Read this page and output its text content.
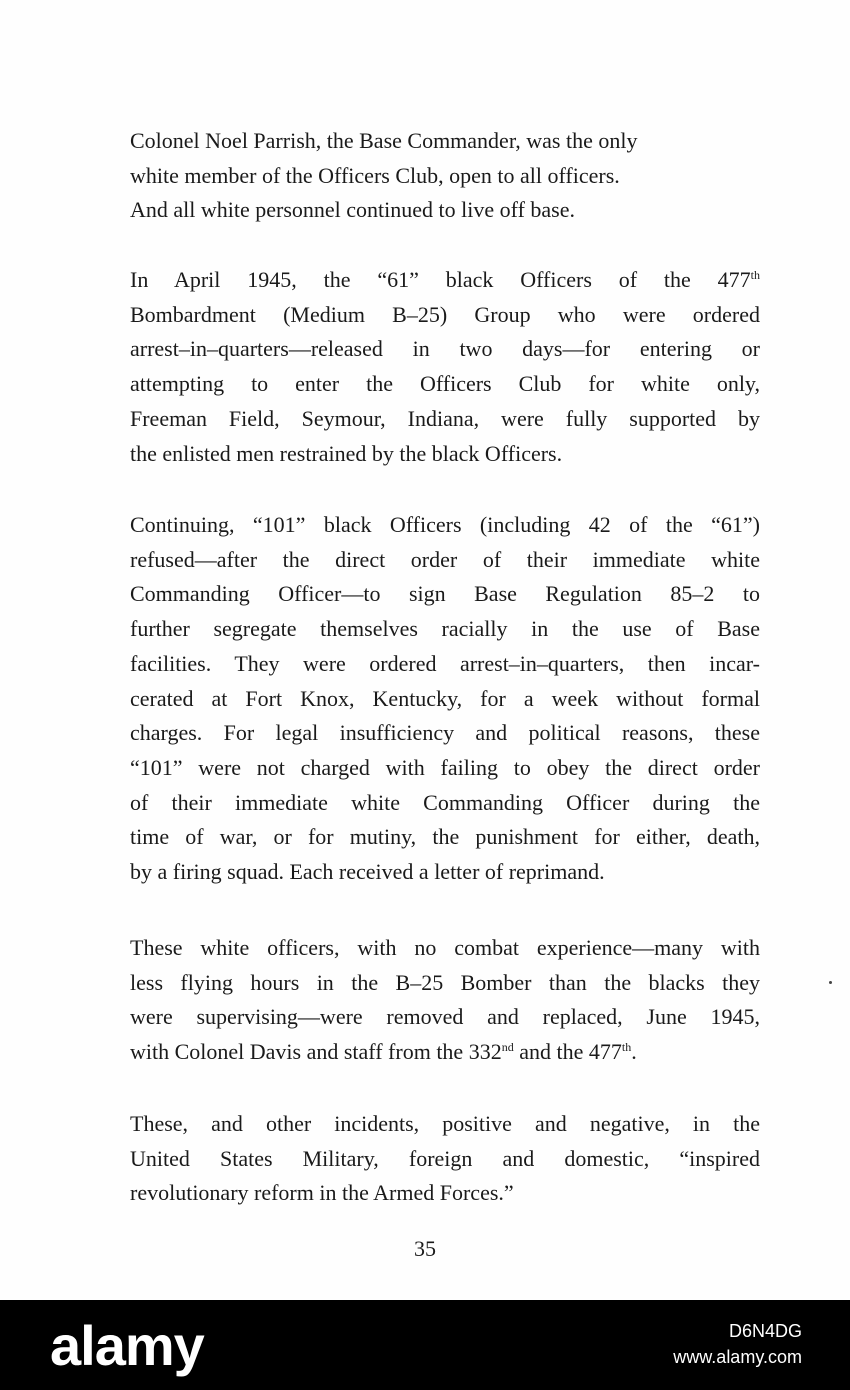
Colonel Noel Parrish, the Base Commander, was the only
white member of the Officers Club, open to all officers.
And all white personnel continued to live off base.
In April 1945, the “61” black Officers of the 477th
Bombardment (Medium B–25) Group who were ordered
arrest–in–quarters—released in two days—for entering or
attempting to enter the Officers Club for white only,
Freeman Field, Seymour, Indiana, were fully supported by
the enlisted men restrained by the black Officers.
Continuing, “101” black Officers (including 42 of the “61”)
refused—after the direct order of their immediate white
Commanding Officer—to sign Base Regulation 85–2 to
further segregate themselves racially in the use of Base
facilities. They were ordered arrest–in–quarters, then incar-
cerated at Fort Knox, Kentucky, for a week without formal
charges. For legal insufficiency and political reasons, these
“101” were not charged with failing to obey the direct order
of their immediate white Commanding Officer during the
time of war, or for mutiny, the punishment for either, death,
by a firing squad. Each received a letter of reprimand.
These white officers, with no combat experience—many with
less flying hours in the B–25 Bomber than the blacks they
were supervising—were removed and replaced, June 1945,
with Colonel Davis and staff from the 332nd and the 477th.
These, and other incidents, positive and negative, in the
United States Military, foreign and domestic, “inspired
revolutionary reform in the Armed Forces.”
35
alamy	D6N4DG
www.alamy.com
